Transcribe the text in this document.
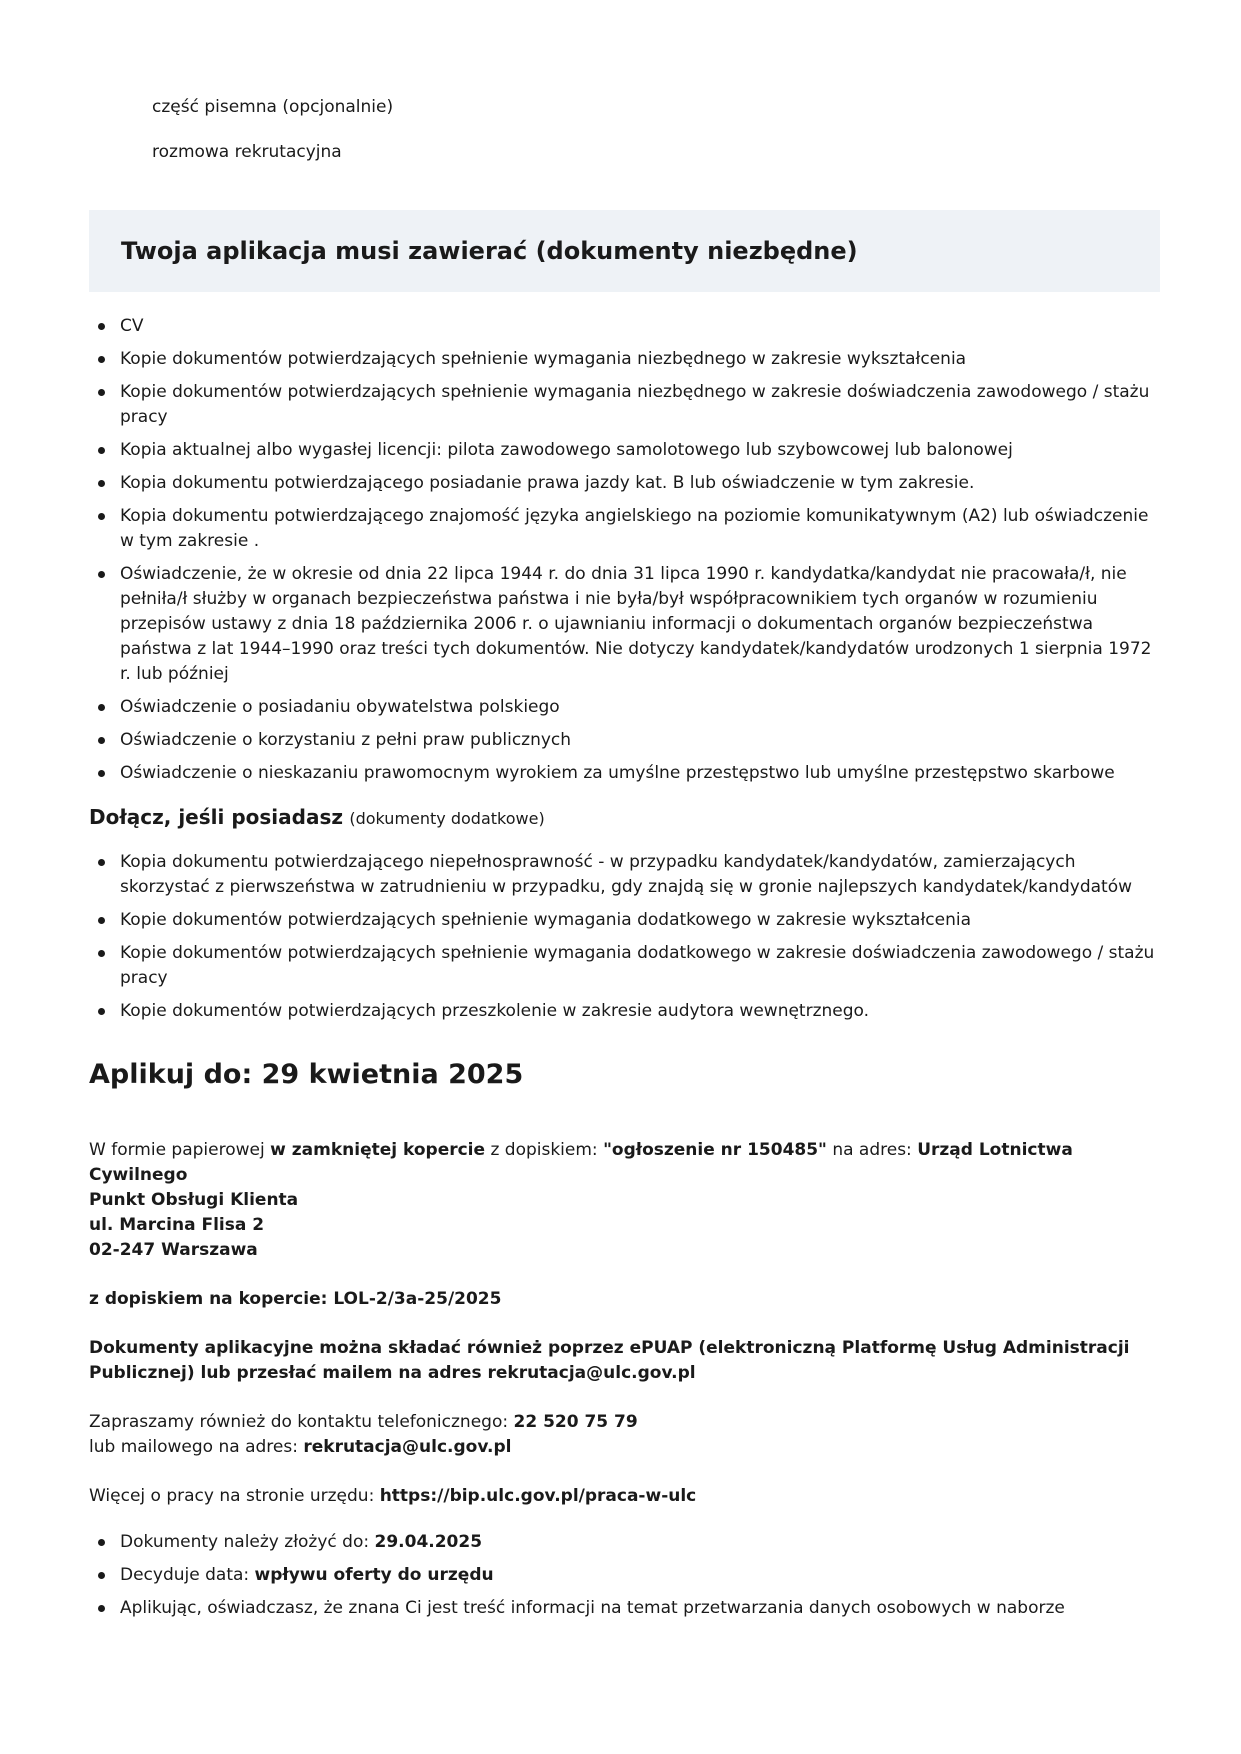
część pisemna (opcjonalnie)
rozmowa rekrutacyjna
Twoja aplikacja musi zawierać (dokumenty niezbędne)
CV
Kopie dokumentów potwierdzających spełnienie wymagania niezbędnego w zakresie wykształcenia
Kopie dokumentów potwierdzających spełnienie wymagania niezbędnego w zakresie doświadczenia zawodowego / stażu pracy
Kopia aktualnej albo wygasłej licencji: pilota zawodowego samolotowego lub szybowcowej lub balonowej
Kopia dokumentu potwierdzającego posiadanie prawa jazdy kat. B lub oświadczenie w tym zakresie.
Kopia dokumentu potwierdzającego znajomość języka angielskiego na poziomie komunikatywnym (A2) lub oświadczenie w tym zakresie .
Oświadczenie, że w okresie od dnia 22 lipca 1944 r. do dnia 31 lipca 1990 r. kandydatka/kandydat nie pracowała/ł, nie pełniła/ł służby w organach bezpieczeństwa państwa i nie była/był współpracownikiem tych organów w rozumieniu przepisów ustawy z dnia 18 października 2006 r. o ujawnianiu informacji o dokumentach organów bezpieczeństwa państwa z lat 1944–1990 oraz treści tych dokumentów. Nie dotyczy kandydatek/kandydatów urodzonych 1 sierpnia 1972 r. lub później
Oświadczenie o posiadaniu obywatelstwa polskiego
Oświadczenie o korzystaniu z pełni praw publicznych
Oświadczenie o nieskazaniu prawomocnym wyrokiem za umyślne przestępstwo lub umyślne przestępstwo skarbowe
Dołącz, jeśli posiadasz (dokumenty dodatkowe)
Kopia dokumentu potwierdzającego niepełnosprawność - w przypadku kandydatek/kandydatów, zamierzających skorzystać z pierwszeństwa w zatrudnieniu w przypadku, gdy znajdą się w gronie najlepszych kandydatek/kandydatów
Kopie dokumentów potwierdzających spełnienie wymagania dodatkowego w zakresie wykształcenia
Kopie dokumentów potwierdzających spełnienie wymagania dodatkowego w zakresie doświadczenia zawodowego / stażu pracy
Kopie dokumentów potwierdzających przeszkolenie w zakresie audytora wewnętrznego.
Aplikuj do: 29 kwietnia 2025
W formie papierowej w zamkniętej kopercie z dopiskiem: "ogłoszenie nr 150485" na adres: Urząd Lotnictwa Cywilnego
Punkt Obsługi Klienta
ul. Marcina Flisa 2
02-247 Warszawa
z dopiskiem na kopercie: LOL-2/3a-25/2025
Dokumenty aplikacyjne można składać również poprzez ePUAP (elektroniczną Platformę Usług Administracji Publicznej) lub przesłać mailem na adres rekrutacja@ulc.gov.pl
Zapraszamy również do kontaktu telefonicznego: 22 520 75 79
lub mailowego na adres: rekrutacja@ulc.gov.pl
Więcej o pracy na stronie urzędu: https://bip.ulc.gov.pl/praca-w-ulc
Dokumenty należy złożyć do: 29.04.2025
Decyduje data: wpływu oferty do urzędu
Aplikując, oświadczasz, że znana Ci jest treść informacji na temat przetwarzania danych osobowych w naborze
